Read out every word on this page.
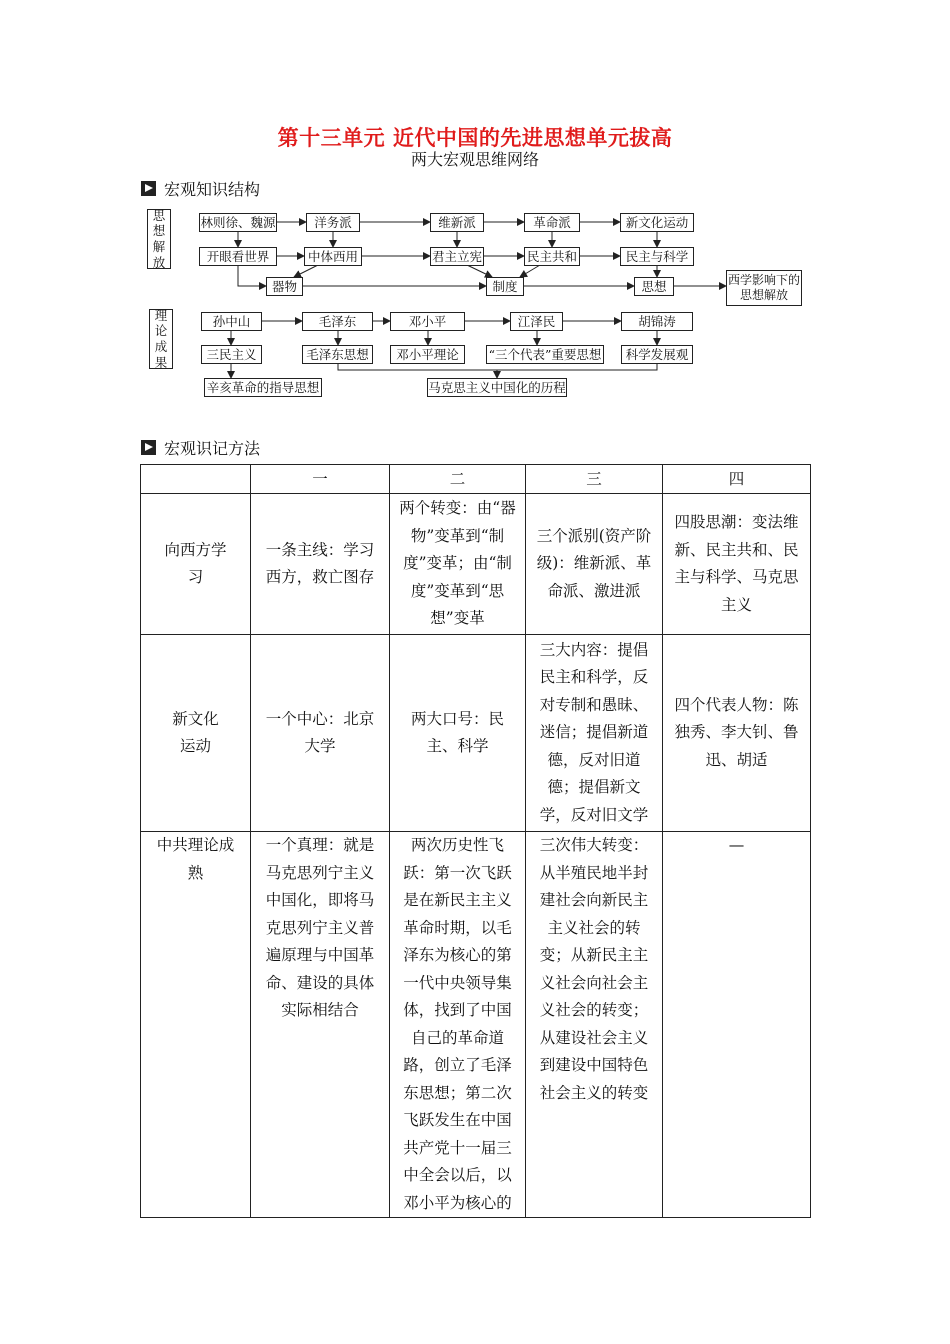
第十三单元 近代中国的先进思想单元拔高
两大宏观思维网络
宏观知识结构
思想解放
理论成果
林则徐、魏源	洋务派	维新派	革命派	新文化运动
开眼看世界	中体西用	君主立宪	民主共和	民主与科学
器物	制度	思想	西学影响下的思想解放
孙中山	毛泽东	邓小平	江泽民	胡锦涛
三民主义	毛泽东思想	邓小平理论	“三个代表”重要思想	科学发展观
辛亥革命的指导思想	马克思主义中国化的历程
宏观识记方法
	一	二	三	四
向西方学习	一条主线：学习西方，救亡图存	两个转变：由“器物”变革到“制度”变革；由“制度”变革到“思想”变革	三个派别(资产阶级)：维新派、革命派、激进派	四股思潮：变法维新、民主共和、民主与科学、马克思主义
新文化运动	一个中心：北京大学	两大口号：民主、科学	三大内容：提倡民主和科学，反对专制和愚昧、迷信；提倡新道德，反对旧道德；提倡新文学，反对旧文学	四个代表人物：陈独秀、李大钊、鲁迅、胡适
中共理论成熟	一个真理：就是马克思列宁主义中国化，即将马克思列宁主义普遍原理与中国革命、建设的具体实际相结合	两次历史性飞跃：第一次飞跃是在新民主主义革命时期，以毛泽东为核心的第一代中央领导集体，找到了中国自己的革命道路，创立了毛泽东思想；第二次飞跃发生在中国共产党十一届三中全会以后，以邓小平为核心的	三次伟大转变：从半殖民地半封建社会向新民主主义社会的转变；从新民主主义社会向社会主义社会的转变；从建设社会主义到建设中国特色社会主义的转变	—
